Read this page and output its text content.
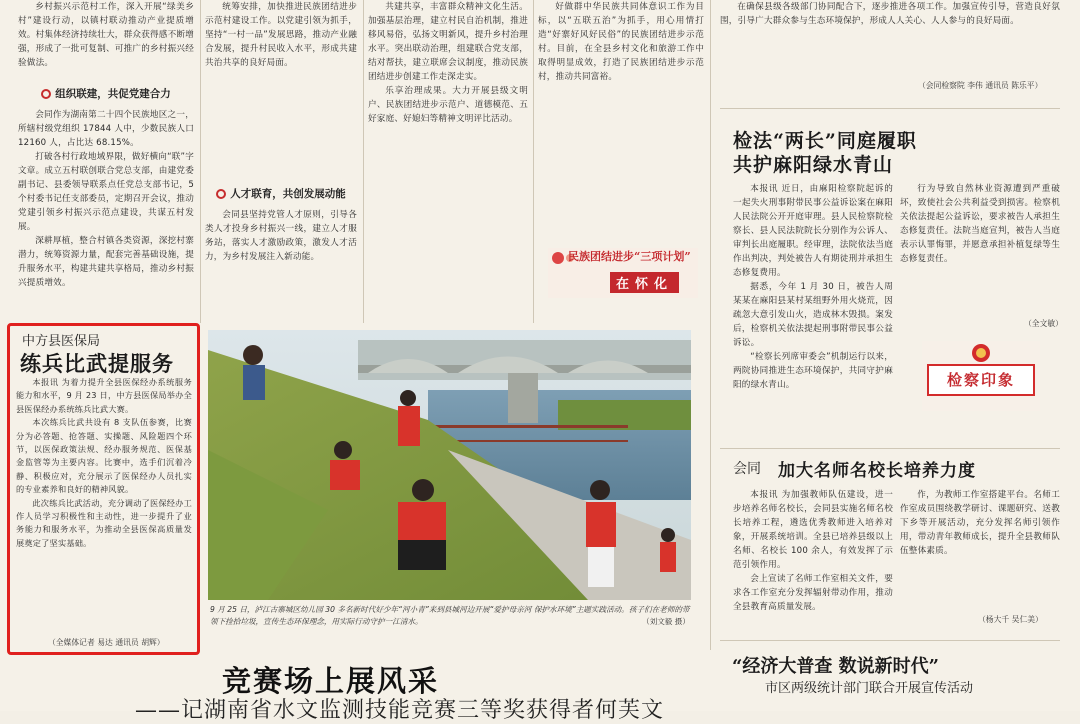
乡村振兴示范村工作，深入开展“绿美乡村”建设行动，以镇村联动推动产业提质增效。村集体经济持续壮大，群众获得感不断增强，形成了一批可复制、可推广的乡村振兴经验做法。

组织联建，共促党建合力

会同作为湖南第二十四个民族地区之一，所辖村级党组织 17844 人中，少数民族人口 12160 人，占比达 68.15%。

打破各村行政地域界限，做好横向“联”字文章。成立五村联创联合党总支部，由建党委副书记、县委领导联系点任党总支部书记，5 个村委书记任支部委员，定期召开会议，推动党建引领乡村振兴示范点建设，共谋五村发展。

深耕厚植，整合村镇各类资源，深挖村寨潜力，统筹资源力量，配套完善基础设施，提升服务水平，构建共建共享格局，推动乡村振兴提质增效。

统筹安排，加快推进民族团结进步示范村建设工作。以党建引领为抓手，坚持“一村一品”发展思路，推动产业融合发展，提升村民收入水平，形成共建共治共享的良好局面。

人才联育，共创发展动能

会同县坚持党管人才原则，引导各类人才投身乡村振兴一线，建立人才服务站，落实人才激励政策，激发人才活力，为乡村发展注入新动能。

共建共享，丰富群众精神文化生活。加强基层治理，建立村民自治机制，推进移风易俗，弘扬文明新风，提升乡村治理水平。突出联动治理，组建联合党支部，结对帮扶，建立联席会议制度，推动民族团结进步创建工作走深走实。

乐享治理成果。大力开展县级文明户、民族团结进步示范户、道德模范、五好家庭、好媳妇等精神文明评比活动。

好做群中华民族共同体意识工作为目标，以“五联五治”为抓手，用心用情打造“好寨好风好民俗”的民族团结进步示范村。目前，在全县乡村文化和旅游工作中取得明显成效，打造了民族团结进步示范村，推动共同富裕。

民族团结进步“三项计划”
在怀化

在确保县级各级部门协同配合下，逐步推进各项工作。加强宣传引导，营造良好氛围，引导广大群众参与生态环境保护，形成人人关心、人人参与的良好局面。

（会同检察院 李伟 通讯员 陈乐平）
检法“两长”同庭履职
共护麻阳绿水青山

本报讯 近日，由麻阳检察院起诉的一起失火刑事附带民事公益诉讼案在麻阳人民法院公开开庭审理。县人民检察院检察长、县人民法院院长分别作为公诉人、审判长出庭履职。经审理，法院依法当庭作出判决，判处被告人有期徒刑并承担生态修复费用。

据悉，今年 1 月 30 日，被告人周某某在麻阳县某村某组野外用火烧荒，因疏忽大意引发山火，造成林木毁损。案发后，检察机关依法提起刑事附带民事公益诉讼。

“检察长列席审委会”机制运行以来，两院协同推进生态环境保护，共同守护麻阳的绿水青山。

行为导致自然林业资源遭到严重破坏，致使社会公共利益受到损害。检察机关依法提起公益诉讼，要求被告人承担生态修复责任。法院当庭宣判，被告人当庭表示认罪悔罪，并愿意承担补植复绿等生态修复责任。

（全文敏）
检察印象
中方县医保局
练兵比武提服务

本报讯 为着力提升全县医保经办系统服务能力和水平，9 月 23 日，中方县医保局举办全县医保经办系统练兵比武大赛。

本次练兵比武共设有 8 支队伍参赛，比赛分为必答题、抢答题、实操题、风险题四个环节，以医保政策法规、经办服务规范、医保基金监管等为主要内容。比赛中，选手们沉着冷静、积极应对，充分展示了医保经办人员扎实的专业素养和良好的精神风貌。

此次练兵比武活动，充分调动了医保经办工作人员学习积极性和主动性，进一步提升了业务能力和服务水平，为推动全县医保高质量发展奠定了坚实基础。

（全媒体记者 易达 通讯员 胡辉）
9 月 25 日，泸江古寨城区幼儿园 30 多名新时代好少年“河小青”来到县城河边开展“爱护母亲河 保护水环境”主题实践活动。孩子们在老师的带领下捡拾垃圾，宣传生态环保理念，用实际行动守护一江清水。	（刘文毅 摄）
会同 加大名师名校长培养力度

本报讯 为加强教师队伍建设，进一步培养名师名校长，会同县实施名师名校长培养工程，遴选优秀教师进入培养对象，开展系统培训。全县已培养县级以上名师、名校长 100 余人，有效发挥了示范引领作用。

会上宣读了名师工作室相关文件，要求各工作室充分发挥辐射带动作用，推动全县教育高质量发展。

作，为教师工作室搭建平台。名师工作室成员围绕教学研讨、课题研究、送教下乡等开展活动，充分发挥名师引领作用，带动青年教师成长，提升全县教师队伍整体素质。

（杨大千 吴仁美）
竞赛场上展风采
——记湖南省水文监测技能竞赛三等奖获得者何芙文
“经济大普查 数说新时代”
市区两级统计部门联合开展宣传活动
